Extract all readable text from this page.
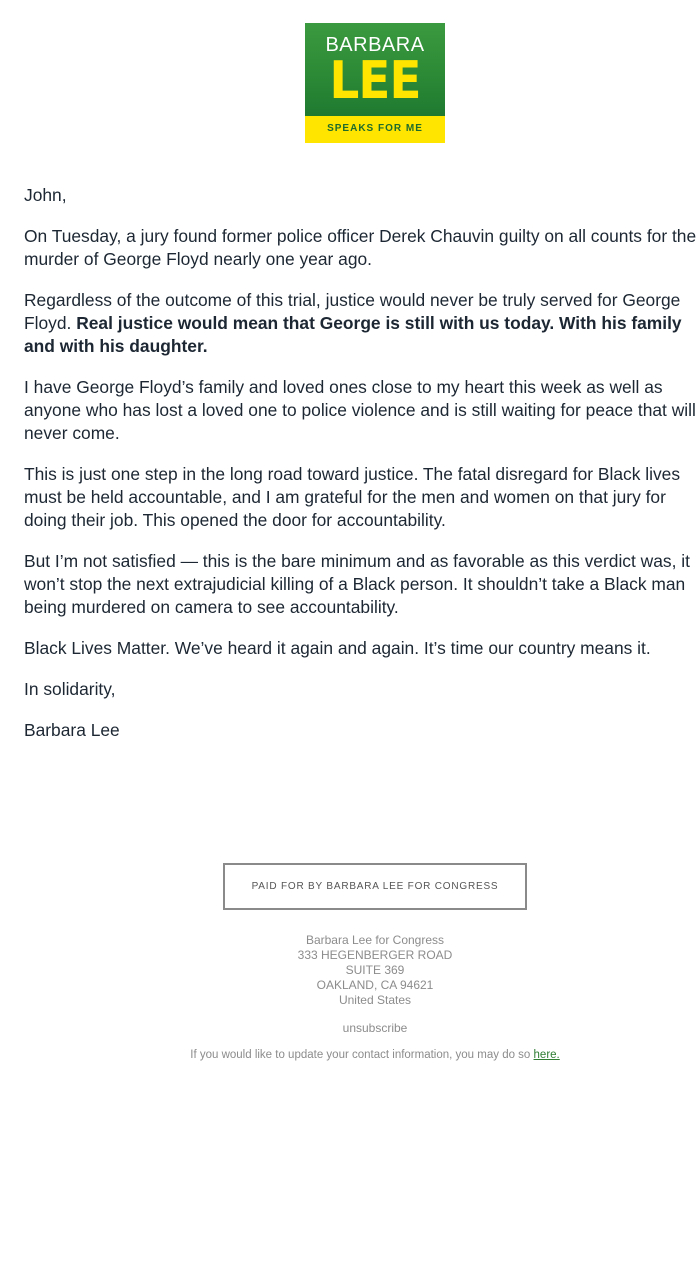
BARBARA
LEE
SPEAKS FOR ME

John,

On Tuesday, a jury found former police officer Derek Chauvin guilty on all counts for the
murder of George Floyd nearly one year ago.

Regardless of the outcome of this trial, justice would never be truly served for George
Floyd. Real justice would mean that George is still with us today. With his family
and with his daughter.

I have George Floyd’s family and loved ones close to my heart this week as well as
anyone who has lost a loved one to police violence and is still waiting for peace that will
never come.

This is just one step in the long road toward justice. The fatal disregard for Black lives
must be held accountable, and I am grateful for the men and women on that jury for
doing their job. This opened the door for accountability.

But I’m not satisfied — this is the bare minimum and as favorable as this verdict was, it
won’t stop the next extrajudicial killing of a Black person. It shouldn’t take a Black man
being murdered on camera to see accountability.

Black Lives Matter. We’ve heard it again and again. It’s time our country means it.

In solidarity,

Barbara Lee

PAID FOR BY BARBARA LEE FOR CONGRESS
Barbara Lee for Congress
333 HEGENBERGER ROAD
SUITE 369
OAKLAND, CA 94621
United States
unsubscribe
If you would like to update your contact information, you may do so here.
